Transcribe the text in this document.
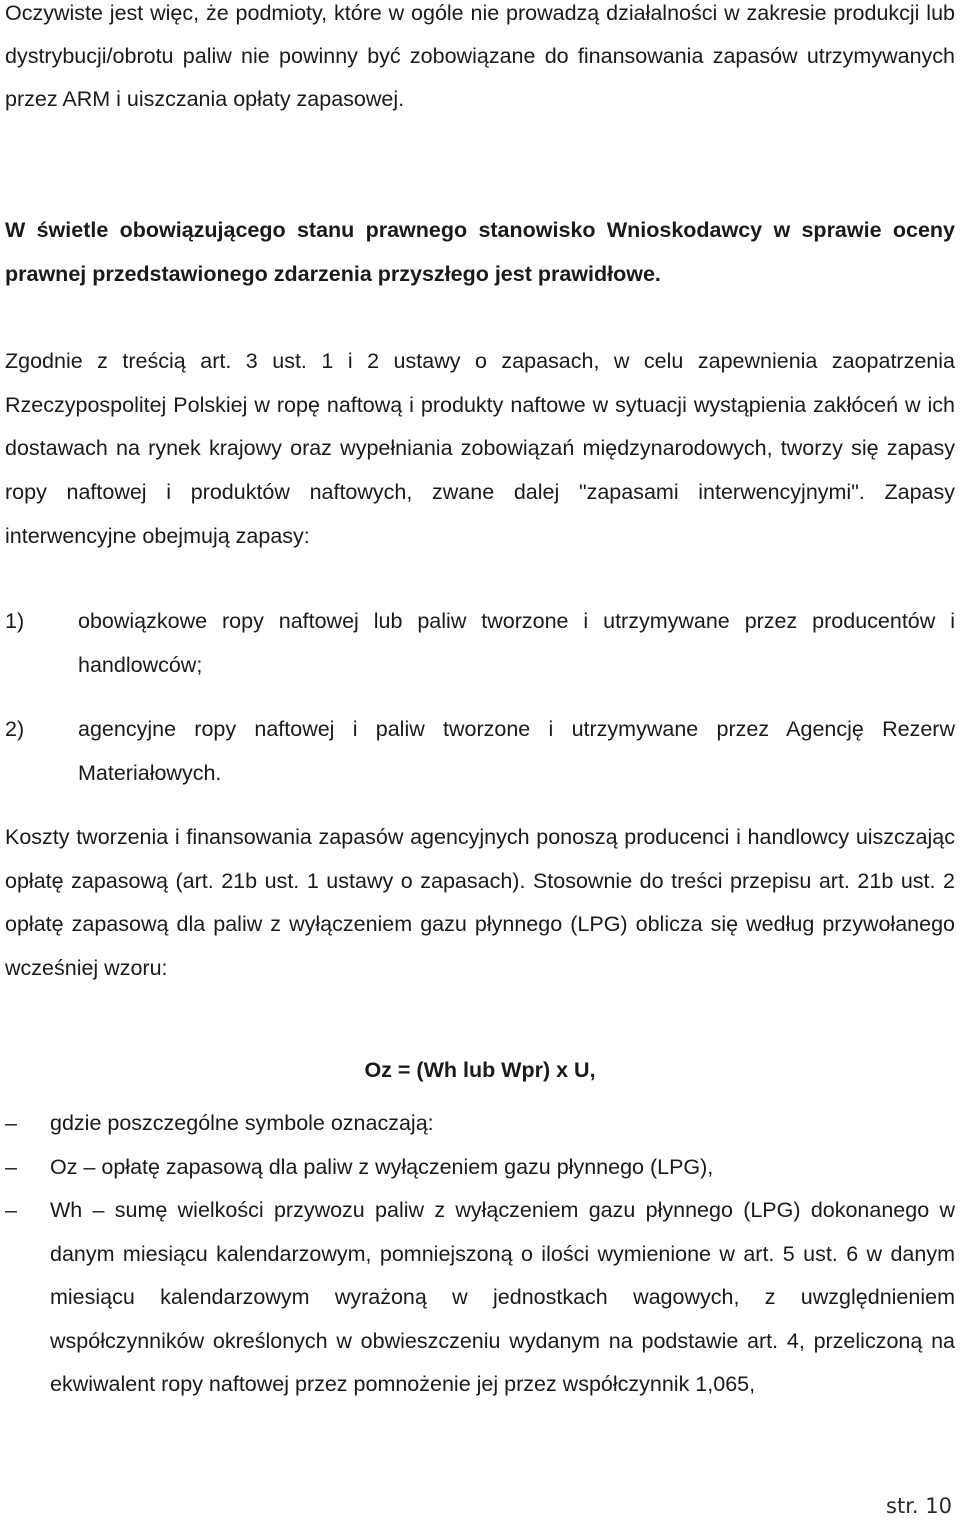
Oczywiste jest więc, że podmioty, które w ogóle nie prowadzą działalności w zakresie produkcji lub dystrybucji/obrotu paliw nie powinny być zobowiązane do finansowania zapasów utrzymywanych przez ARM i uiszczania opłaty zapasowej.

W świetle obowiązującego stanu prawnego stanowisko Wnioskodawcy w sprawie oceny prawnej przedstawionego zdarzenia przyszłego jest prawidłowe.

Zgodnie z treścią art. 3 ust. 1 i 2 ustawy o zapasach, w celu zapewnienia zaopatrzenia Rzeczypospolitej Polskiej w ropę naftową i produkty naftowe w sytuacji wystąpienia zakłóceń w ich dostawach na rynek krajowy oraz wypełniania zobowiązań międzynarodowych, tworzy się zapasy ropy naftowej i produktów naftowych, zwane dalej "zapasami interwencyjnymi". Zapasy interwencyjne obejmują zapasy:

1)	obowiązkowe ropy naftowej lub paliw tworzone i utrzymywane przez producentów i handlowców;
2)	agencyjne ropy naftowej i paliw tworzone i utrzymywane przez Agencję Rezerw Materiałowych.

Koszty tworzenia i finansowania zapasów agencyjnych ponoszą producenci i handlowcy uiszczając opłatę zapasową (art. 21b ust. 1 ustawy o zapasach). Stosownie do treści przepisu art. 21b ust. 2 opłatę zapasową dla paliw z wyłączeniem gazu płynnego (LPG) oblicza się według przywołanego wcześniej wzoru:

Oz = (Wh lub Wpr) x U,
– gdzie poszczególne symbole oznaczają:
– Oz – opłatę zapasową dla paliw z wyłączeniem gazu płynnego (LPG),
– Wh – sumę wielkości przywozu paliw z wyłączeniem gazu płynnego (LPG) dokonanego w danym miesiącu kalendarzowym, pomniejszoną o ilości wymienione w art. 5 ust. 6 w danym miesiącu kalendarzowym wyrażoną w jednostkach wagowych, z uwzględnieniem współczynników określonych w obwieszczeniu wydanym na podstawie art. 4, przeliczoną na ekwiwalent ropy naftowej przez pomnożenie jej przez współczynnik 1,065,
str. 10
